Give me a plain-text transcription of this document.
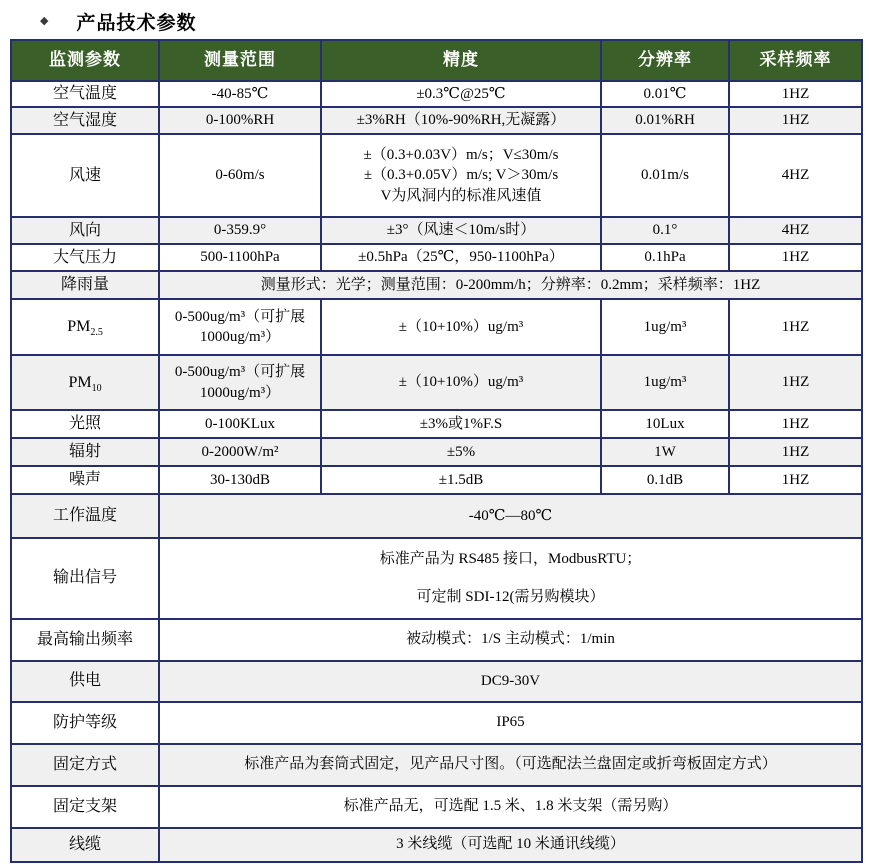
◆ 产品技术参数
监测参数	测量范围	精度	分辨率	采样频率
空气温度	-40-85℃	±0.3℃@25℃	0.01℃	1HZ
空气湿度	0-100%RH	±3%RH（10%-90%RH,无凝露）	0.01%RH	1HZ
风速	0-60m/s	±（0.3+0.03V）m/s；V≤30m/s
±（0.3+0.05V）m/s; V＞30m/s
V为风洞内的标准风速值	0.01m/s	4HZ
风向	0-359.9°	±3°（风速＜10m/s时）	0.1°	4HZ
大气压力	500-1100hPa	±0.5hPa（25℃，950-1100hPa）	0.1hPa	1HZ
降雨量	测量形式：光学；测量范围：0-200mm/h；分辨率：0.2mm；采样频率：1HZ			
$PM_{2.5}$	0-500ug/m³（可扩展
1000ug/m³）	±（10+10%）ug/m³	1ug/m³	1HZ
$PM_{10}$	0-500ug/m³（可扩展
1000ug/m³）	±（10+10%）ug/m³	1ug/m³	1HZ
光照	0-100KLux	±3%或1%F.S	10Lux	1HZ
辐射	0-2000W/m²	±5%	1W	1HZ
噪声	30-130dB	±1.5dB	0.1dB	1HZ
工作温度	-40℃—80℃			
输出信号	标准产品为 RS485 接口，ModbusRTU；
可定制 SDI-12(需另购模块）			

最高输出频率	被动模式：1/S 主动模式：1/min			
供电	DC9-30V			
防护等级	IP65			
固定方式	标准产品为套筒式固定，见产品尺寸图。（可选配法兰盘固定或折弯板固定方式）			
固定支架	标准产品无，可选配 1.5 米、1.8 米支架（需另购）			
线缆	3 米线缆（可选配 10 米通讯线缆）			
